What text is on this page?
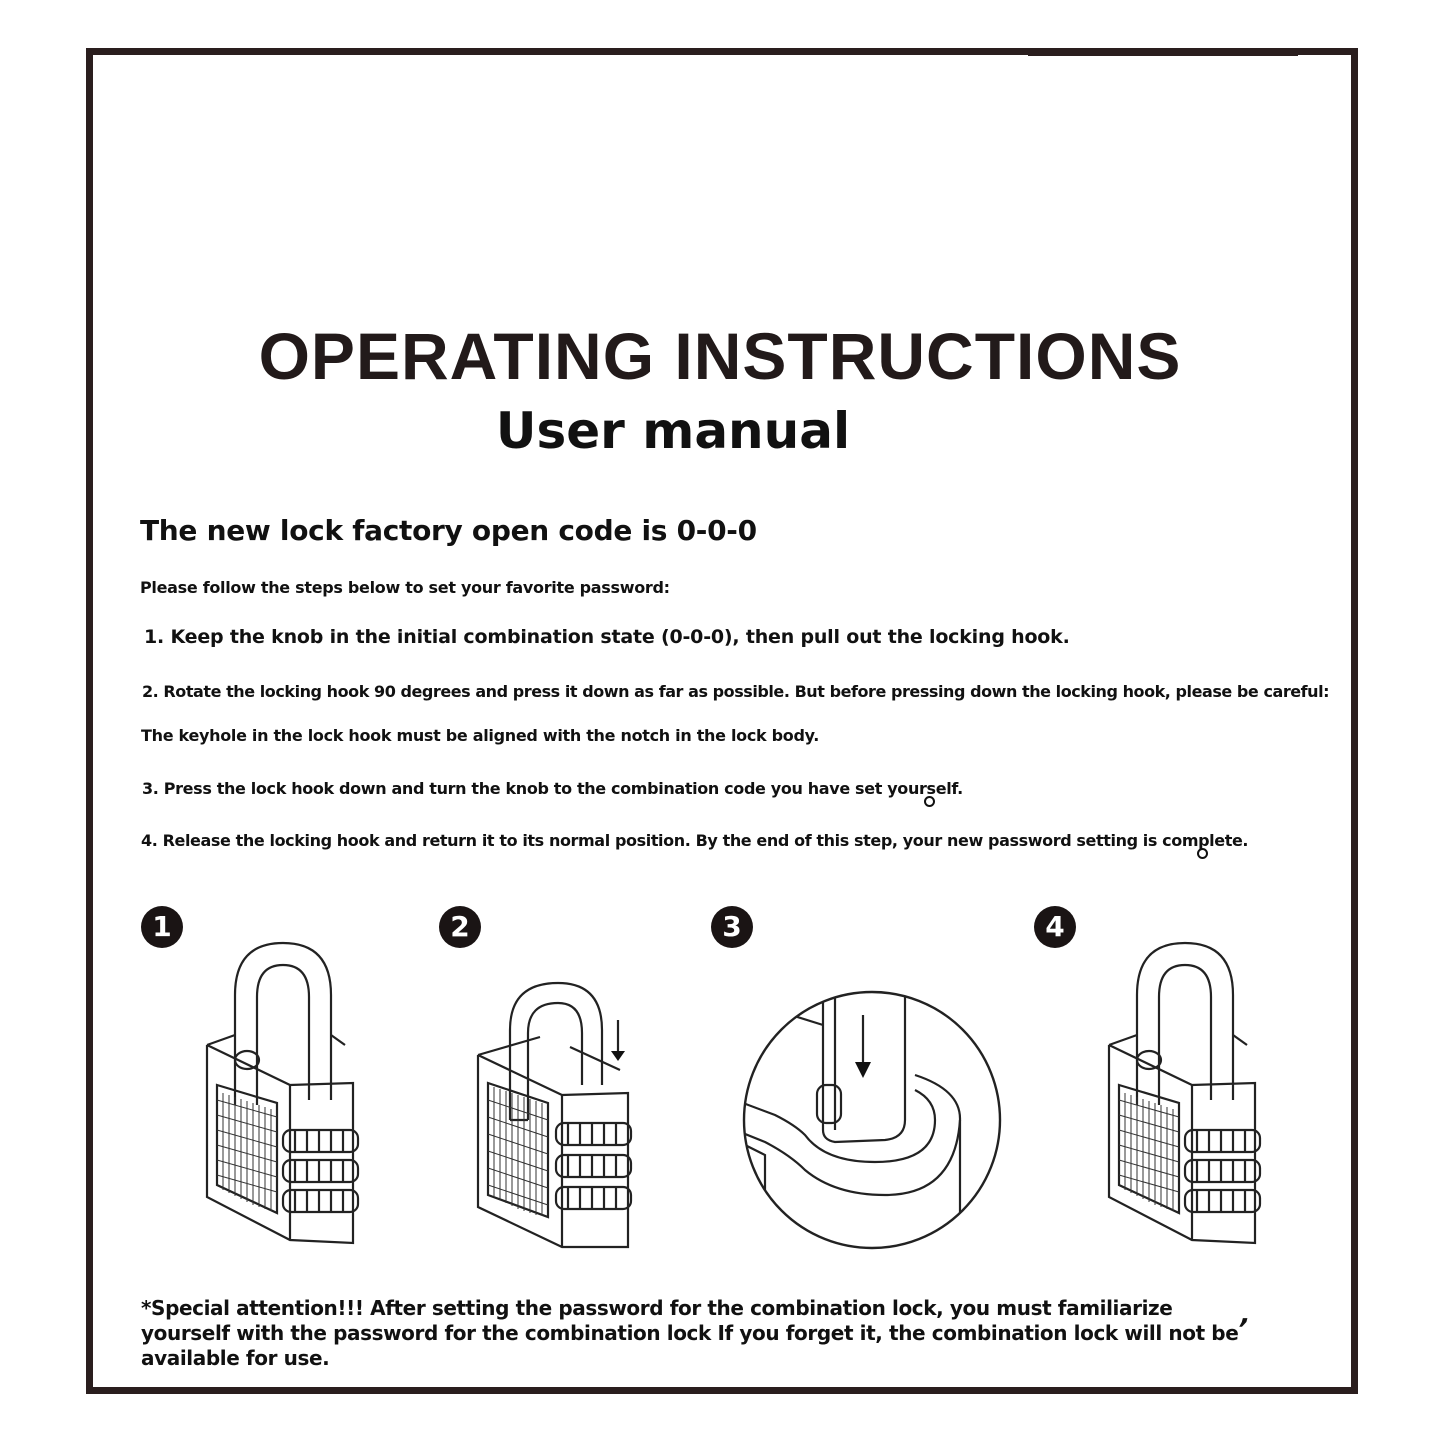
OPERATING INSTRUCTIONS
User manual
The new lock factory open code is 0-0-0
Please follow the steps below to set your favorite password:
1. Keep the knob in the initial combination state (0-0-0), then pull out the locking hook.
2. Rotate the locking hook 90 degrees and press it down as far as possible. But before pressing down the locking hook, please be careful:
The keyhole in the lock hook must be aligned with the notch in the lock body.
3. Press the lock hook down and turn the knob to the combination code you have set yourself.
4. Release the locking hook and return it to its normal position. By the end of this step, your new password setting is complete.
1	2	3	4
*Special attention!!! After setting the password for the combination lock, you must familiarize yourself with the password for the combination lock If you forget it, the combination lock will not be available for use.
,
